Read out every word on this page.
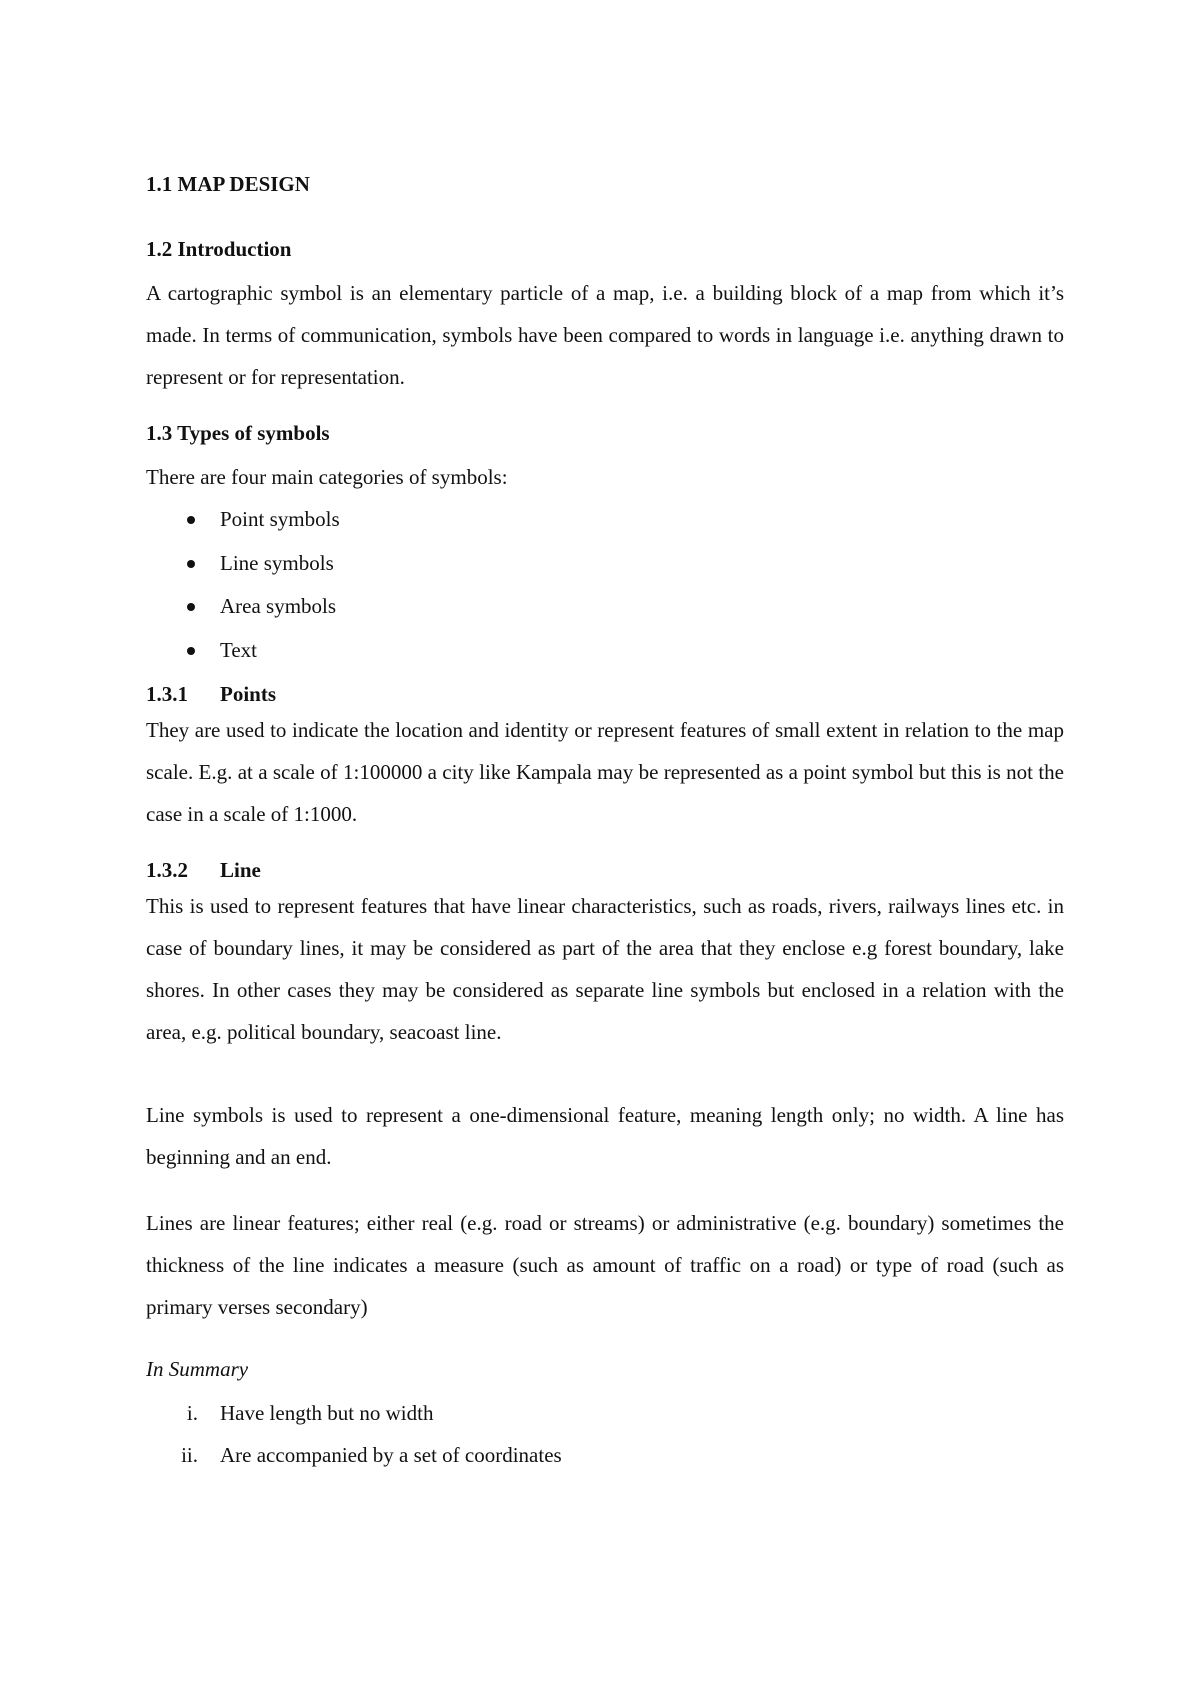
1.1 MAP DESIGN
1.2 Introduction
A cartographic symbol is an elementary particle of a map, i.e. a building block of a map from which it’s made. In terms of communication, symbols have been compared to words in language i.e. anything drawn to represent or for representation.
1.3 Types of symbols
There are four main categories of symbols:
Point symbols
Line symbols
Area symbols
Text
1.3.1 Points
They are used to indicate the location and identity or represent features of small extent in relation to the map scale. E.g. at a scale of 1:100000 a city like Kampala may be represented as a point symbol but this is not the case in a scale of 1:1000.
1.3.2 Line
This is used to represent features that have linear characteristics, such as roads, rivers, railways lines etc. in case of boundary lines, it may be considered as part of the area that they enclose e.g forest boundary, lake shores. In other cases they may be considered as separate line symbols but enclosed in a relation with the area, e.g. political boundary, seacoast line.
Line symbols is used to represent a one-dimensional feature, meaning length only; no width. A line has beginning and an end.
Lines are linear features; either real (e.g. road or streams) or administrative (e.g. boundary) sometimes the thickness of the line indicates a measure (such as amount of traffic on a road) or type of road (such as primary verses secondary)
In Summary
i. Have length but no width
ii. Are accompanied by a set of coordinates
